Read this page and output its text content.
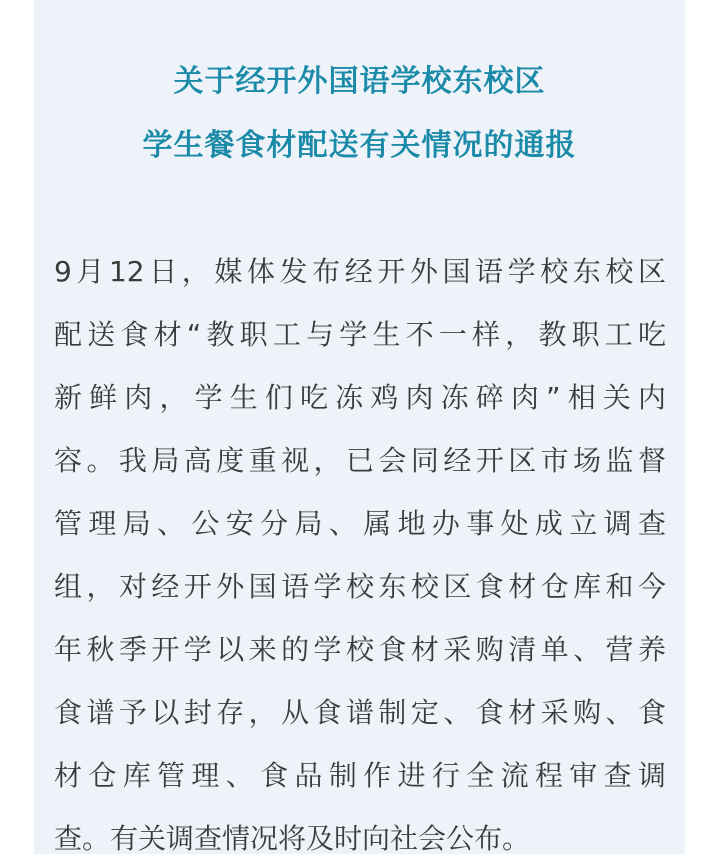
关于经开外国语学校东校区
学生餐食材配送有关情况的通报
9月12日，媒体发布经开外国语学校东校区
配送食材“教职工与学生不一样，教职工吃
新鲜肉，学生们吃冻鸡肉冻碎肉”相关内
容。我局高度重视，已会同经开区市场监督
管理局、公安分局、属地办事处成立调查
组，对经开外国语学校东校区食材仓库和今
年秋季开学以来的学校食材采购清单、营养
食谱予以封存，从食谱制定、食材采购、食
材仓库管理、食品制作进行全流程审查调
查。有关调查情况将及时向社会公布。
